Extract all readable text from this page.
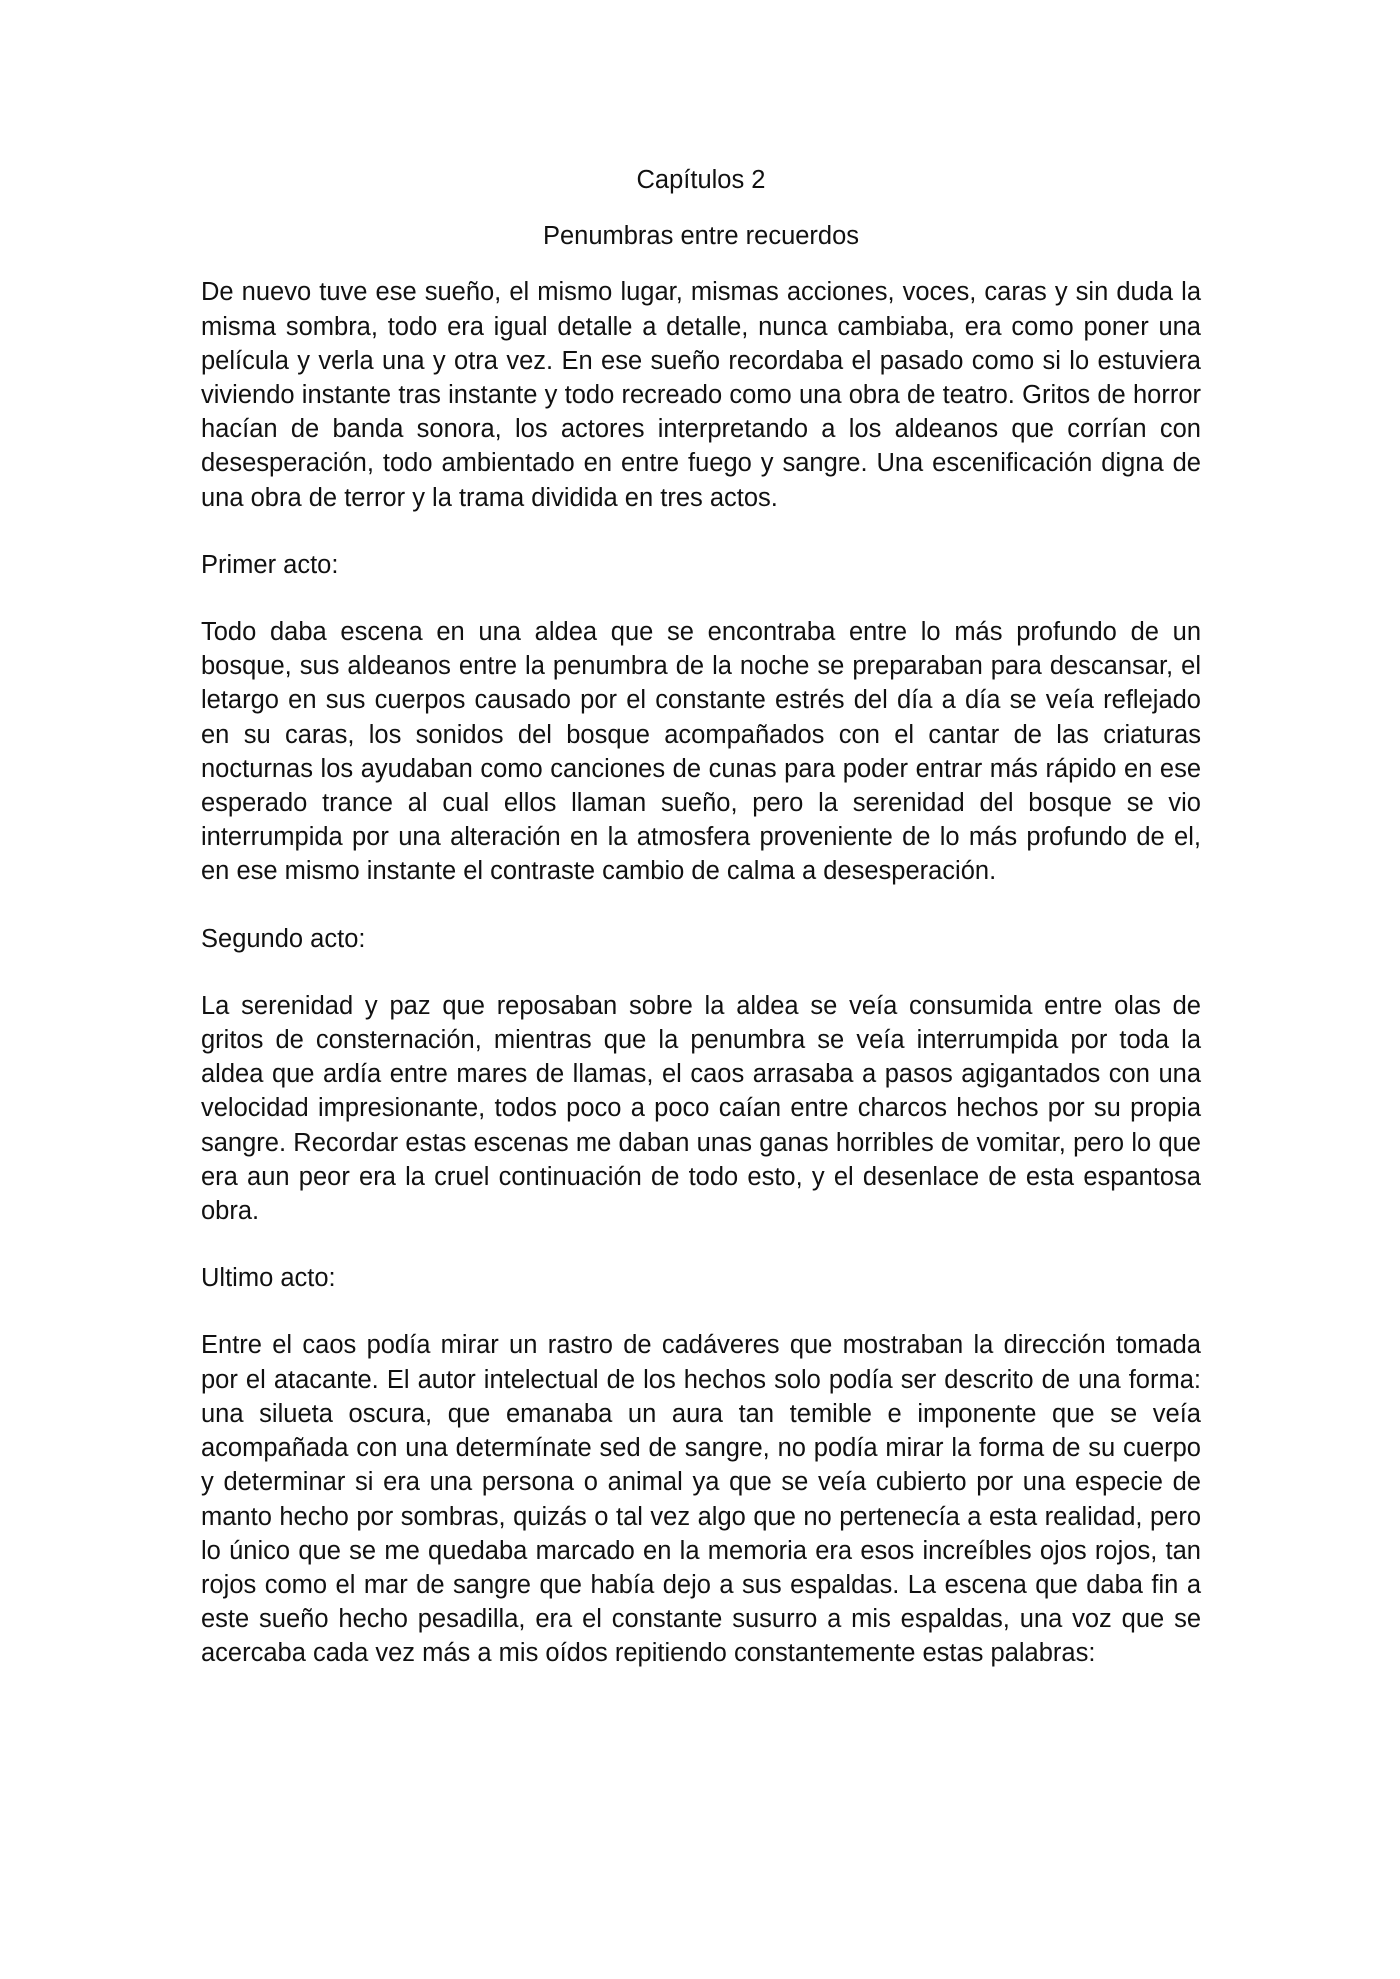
Capítulos 2

Penumbras entre recuerdos

De nuevo tuve ese sueño, el mismo lugar, mismas acciones, voces, caras y sin duda la misma sombra, todo era igual detalle a detalle, nunca cambiaba, era como poner una película y verla una y otra vez. En ese sueño recordaba el pasado como si lo estuviera viviendo instante tras instante y todo recreado como una obra de teatro. Gritos de horror hacían de banda sonora, los actores interpretando a los aldeanos que corrían con desesperación, todo ambientado en entre fuego y sangre. Una escenificación digna de una obra de terror y la trama dividida en tres actos.

Primer acto:

Todo daba escena en una aldea que se encontraba entre lo más profundo de un bosque, sus aldeanos entre la penumbra de la noche se preparaban para descansar, el letargo en sus cuerpos causado por el constante estrés del día a día se veía reflejado en su caras, los sonidos del bosque acompañados con el cantar de las criaturas nocturnas los ayudaban como canciones de cunas para poder entrar más rápido en ese esperado trance al cual ellos llaman sueño, pero la serenidad del bosque se vio interrumpida por una alteración en la atmosfera proveniente de lo más profundo de el, en ese mismo instante el contraste cambio de calma a desesperación.

Segundo acto:

La serenidad y paz que reposaban sobre la aldea se veía consumida entre olas de gritos de consternación, mientras que la penumbra se veía interrumpida por toda la aldea que ardía entre mares de llamas, el caos arrasaba a pasos agigantados con una velocidad impresionante, todos poco a poco caían entre charcos hechos por su propia sangre. Recordar estas escenas me daban unas ganas horribles de vomitar, pero lo que era aun peor era la cruel continuación de todo esto, y el desenlace de esta espantosa obra.

Ultimo acto:

Entre el caos podía mirar un rastro de cadáveres que mostraban la dirección tomada por el atacante. El autor intelectual de los hechos solo podía ser descrito de una forma: una silueta oscura, que emanaba un aura tan temible e imponente que se veía acompañada con una determínate sed de sangre, no podía mirar la forma de su cuerpo y determinar si era una persona o animal ya que se veía cubierto por una especie de manto hecho por sombras, quizás o tal vez algo que no pertenecía a esta realidad, pero lo único que se me quedaba marcado en la memoria era esos increíbles ojos rojos, tan rojos como el mar de sangre que había dejo a sus espaldas. La escena que daba fin a este sueño hecho pesadilla, era el constante susurro a mis espaldas, una voz que se acercaba cada vez más a mis oídos repitiendo constantemente estas palabras:
